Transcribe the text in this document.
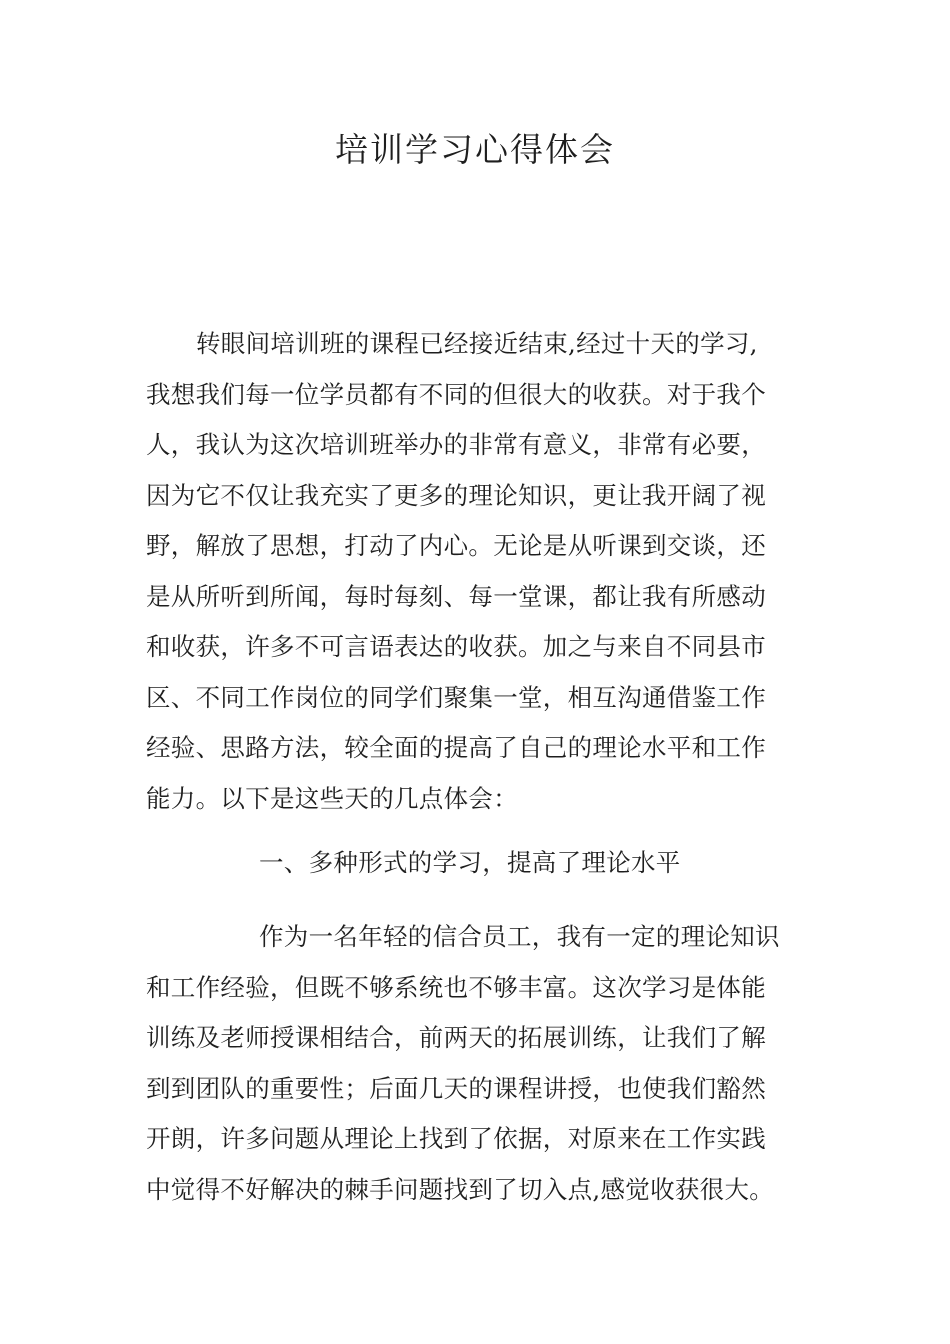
培训学习心得体会
转眼间培训班的课程已经接近结束,经过十天的学习,
我想我们每一位学员都有不同的但很大的收获。对于我个
人，我认为这次培训班举办的非常有意义，非常有必要，
因为它不仅让我充实了更多的理论知识，更让我开阔了视
野，解放了思想，打动了内心。无论是从听课到交谈，还
是从所听到所闻，每时每刻、每一堂课，都让我有所感动
和收获，许多不可言语表达的收获。加之与来自不同县市
区、不同工作岗位的同学们聚集一堂，相互沟通借鉴工作
经验、思路方法，较全面的提高了自己的理论水平和工作
能力。以下是这些天的几点体会：
一、多种形式的学习，提高了理论水平
作为一名年轻的信合员工，我有一定的理论知识
和工作经验，但既不够系统也不够丰富。这次学习是体能
训练及老师授课相结合，前两天的拓展训练，让我们了解
到到团队的重要性；后面几天的课程讲授，也使我们豁然
开朗，许多问题从理论上找到了依据，对原来在工作实践
中觉得不好解决的棘手问题找到了切入点,感觉收获很大。
